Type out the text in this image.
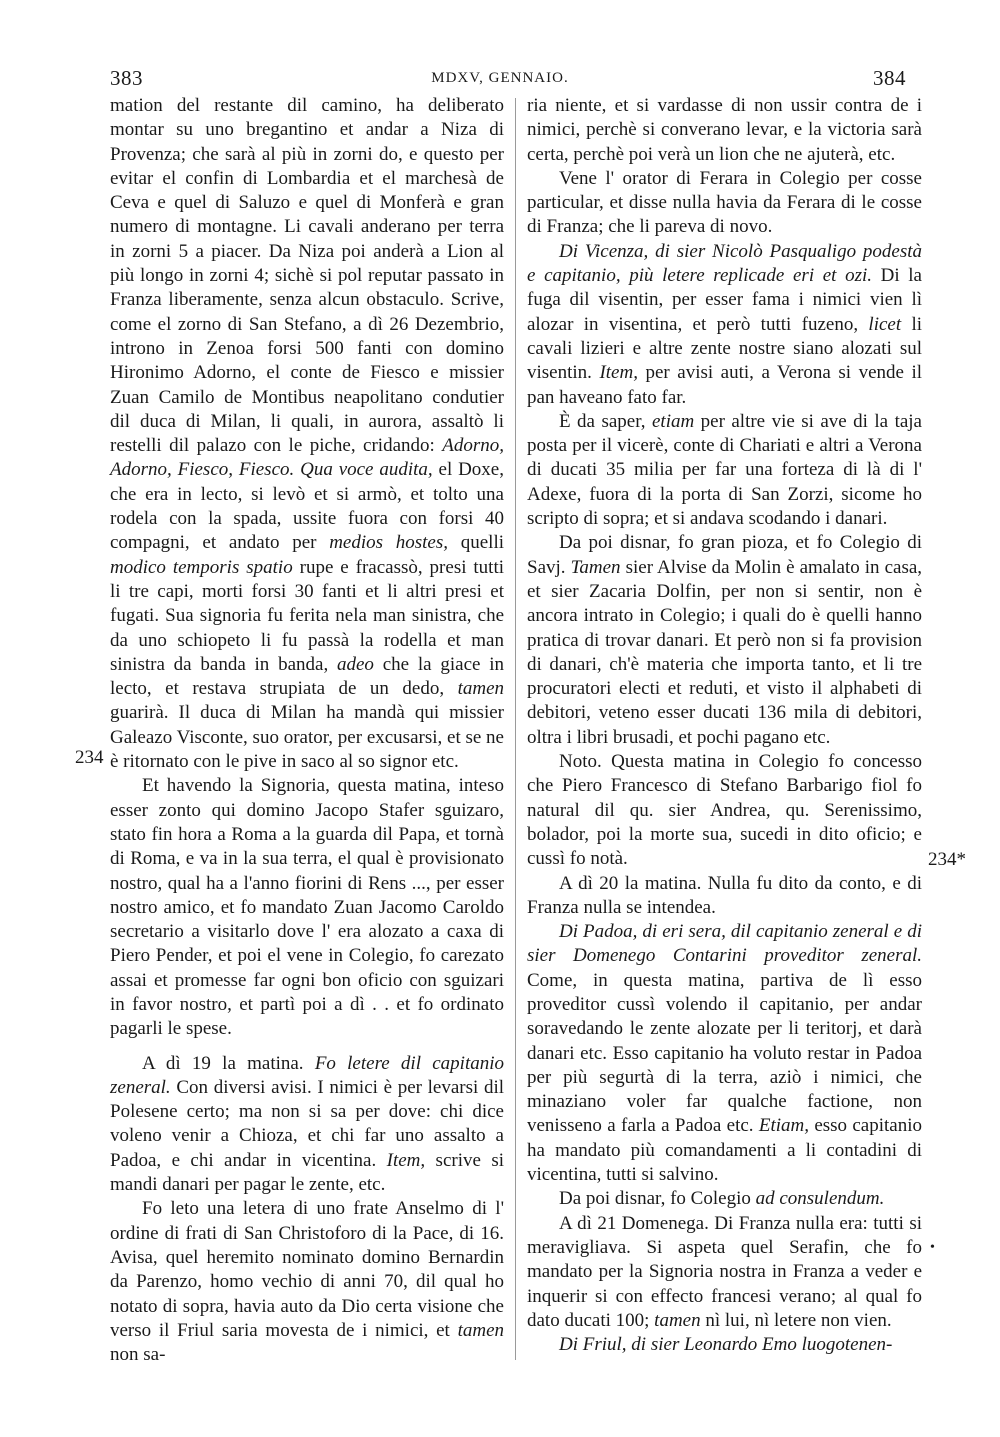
383	MDXV, GENNAIO.	384
234
234*
•

mation del restante dil camino, ha deliberato montar su uno bregantino et andar a Niza di Provenza; che sarà al più in zorni do, e questo per evitar el confin di Lombardia et el marchesà de Ceva e quel di Saluzo e quel di Monferà e gran numero di montagne. Li cavali anderano per terra in zorni 5 a piacer. Da Niza poi anderà a Lion al più longo in zorni 4; sichè si pol reputar passato in Franza liberamente, senza alcun obstaculo. Scrive, come el zorno di San Stefano, a dì 26 Dezembrio, introno in Zenoa forsi 500 fanti con domino Hironimo Adorno, el conte de Fiesco e missier Zuan Camilo de Montibus neapolitano condutier dil duca di Milan, li quali, in aurora, assaltò li restelli dil palazo con le piche, cridando: Adorno, Adorno, Fiesco, Fiesco. Qua voce audita, el Doxe, che era in lecto, si levò et si armò, et tolto una rodela con la spada, ussite fuora con forsi 40 compagni, et andato per medios hostes, quelli modico temporis spatio rupe e fracassò, presi tutti li tre capi, morti forsi 30 fanti et li altri presi et fugati. Sua signoria fu ferita nela man sinistra, che da uno schiopeto li fu passà la rodella et man sinistra da banda in banda, adeo che la giace in lecto, et restava strupiata de un dedo, tamen guarirà. Il duca di Milan ha mandà qui missier Galeazo Visconte, suo orator, per excusarsi, et se ne è ritornato con le pive in saco al so signor etc.

Et havendo la Signoria, questa matina, inteso esser zonto qui domino Jacopo Stafer sguizaro, stato fin hora a Roma a la guarda dil Papa, et tornà di Roma, e va in la sua terra, el qual è provisionato nostro, qual ha a l'anno fiorini di Rens ..., per esser nostro amico, et fo mandato Zuan Jacomo Caroldo secretario a visitarlo dove l' era alozato a caxa di Piero Pender, et poi el vene in Colegio, fo carezato assai et promesse far ogni bon oficio con sguizari in favor nostro, et partì poi a dì . . et fo ordinato pagarli le spese.

A dì 19 la matina. Fo letere dil capitanio zeneral. Con diversi avisi. I nimici è per levarsi dil Polesene certo; ma non si sa per dove: chi dice voleno venir a Chioza, et chi far uno assalto a Padoa, e chi andar in vicentina. Item, scrive si mandi danari per pagar le zente, etc.

Fo leto una letera di uno frate Anselmo di l' ordine di frati di San Christoforo di la Pace, di 16. Avisa, quel heremito nominato domino Bernardin da Parenzo, homo vechio di anni 70, dil qual ho notato di sopra, havia auto da Dio certa visione che verso il Friul saria movesta de i nimici, et tamen non sa-

ria niente, et si vardasse di non ussir contra de i nimici, perchè si converano levar, e la victoria sarà certa, perchè poi verà un lion che ne ajuterà, etc.

Vene l' orator di Ferara in Colegio per cosse particular, et disse nulla havia da Ferara di le cosse di Franza; che li pareva di novo.

Di Vicenza, di sier Nicolò Pasqualigo podestà e capitanio, più letere replicade eri et ozi. Di la fuga dil visentin, per esser fama i nimici vien lì alozar in visentina, et però tutti fuzeno, licet li cavali lizieri e altre zente nostre siano alozati sul visentin. Item, per avisi auti, a Verona si vende il pan haveano fato far.

È da saper, etiam per altre vie si ave di la taja posta per il vicerè, conte di Chariati e altri a Verona di ducati 35 milia per far una forteza di là di l' Adexe, fuora di la porta di San Zorzi, sicome ho scripto di sopra; et si andava scodando i danari.

Da poi disnar, fo gran pioza, et fo Colegio di Savj. Tamen sier Alvise da Molin è amalato in casa, et sier Zacaria Dolfin, per non si sentir, non è ancora intrato in Colegio; i quali do è quelli hanno pratica di trovar danari. Et però non si fa provision di danari, ch'è materia che importa tanto, et li tre procuratori electi et reduti, et visto il alphabeti di debitori, veteno esser ducati 136 mila di debitori, oltra i libri brusadi, et pochi pagano etc.

Noto. Questa matina in Colegio fo concesso che Piero Francesco di Stefano Barbarigo fiol fo natural dil qu. sier Andrea, qu. Serenissimo, bolador, poi la morte sua, sucedi in dito oficio; e cussì fo notà.

A dì 20 la matina. Nulla fu dito da conto, e di Franza nulla se intendea.

Di Padoa, di eri sera, dil capitanio zeneral e di sier Domenego Contarini proveditor zeneral. Come, in questa matina, partiva de lì esso proveditor cussì volendo il capitanio, per andar soravedando le zente alozate per li teritorj, et darà danari etc. Esso capitanio ha voluto restar in Padoa per più segurtà di la terra, aziò i nimici, che minaziano voler far qualche factione, non venisseno a farla a Padoa etc. Etiam, esso capitanio ha mandato più comandamenti a li contadini di vicentina, tutti si salvino.

Da poi disnar, fo Colegio ad consulendum.

A dì 21 Domenega. Di Franza nulla era: tutti si meravigliava. Si aspeta quel Serafin, che fo mandato per la Signoria nostra in Franza a veder e inquerir si con effecto francesi verano; al qual fo dato ducati 100; tamen nì lui, nì letere non vien.

Di Friul, di sier Leonardo Emo luogotenen-
